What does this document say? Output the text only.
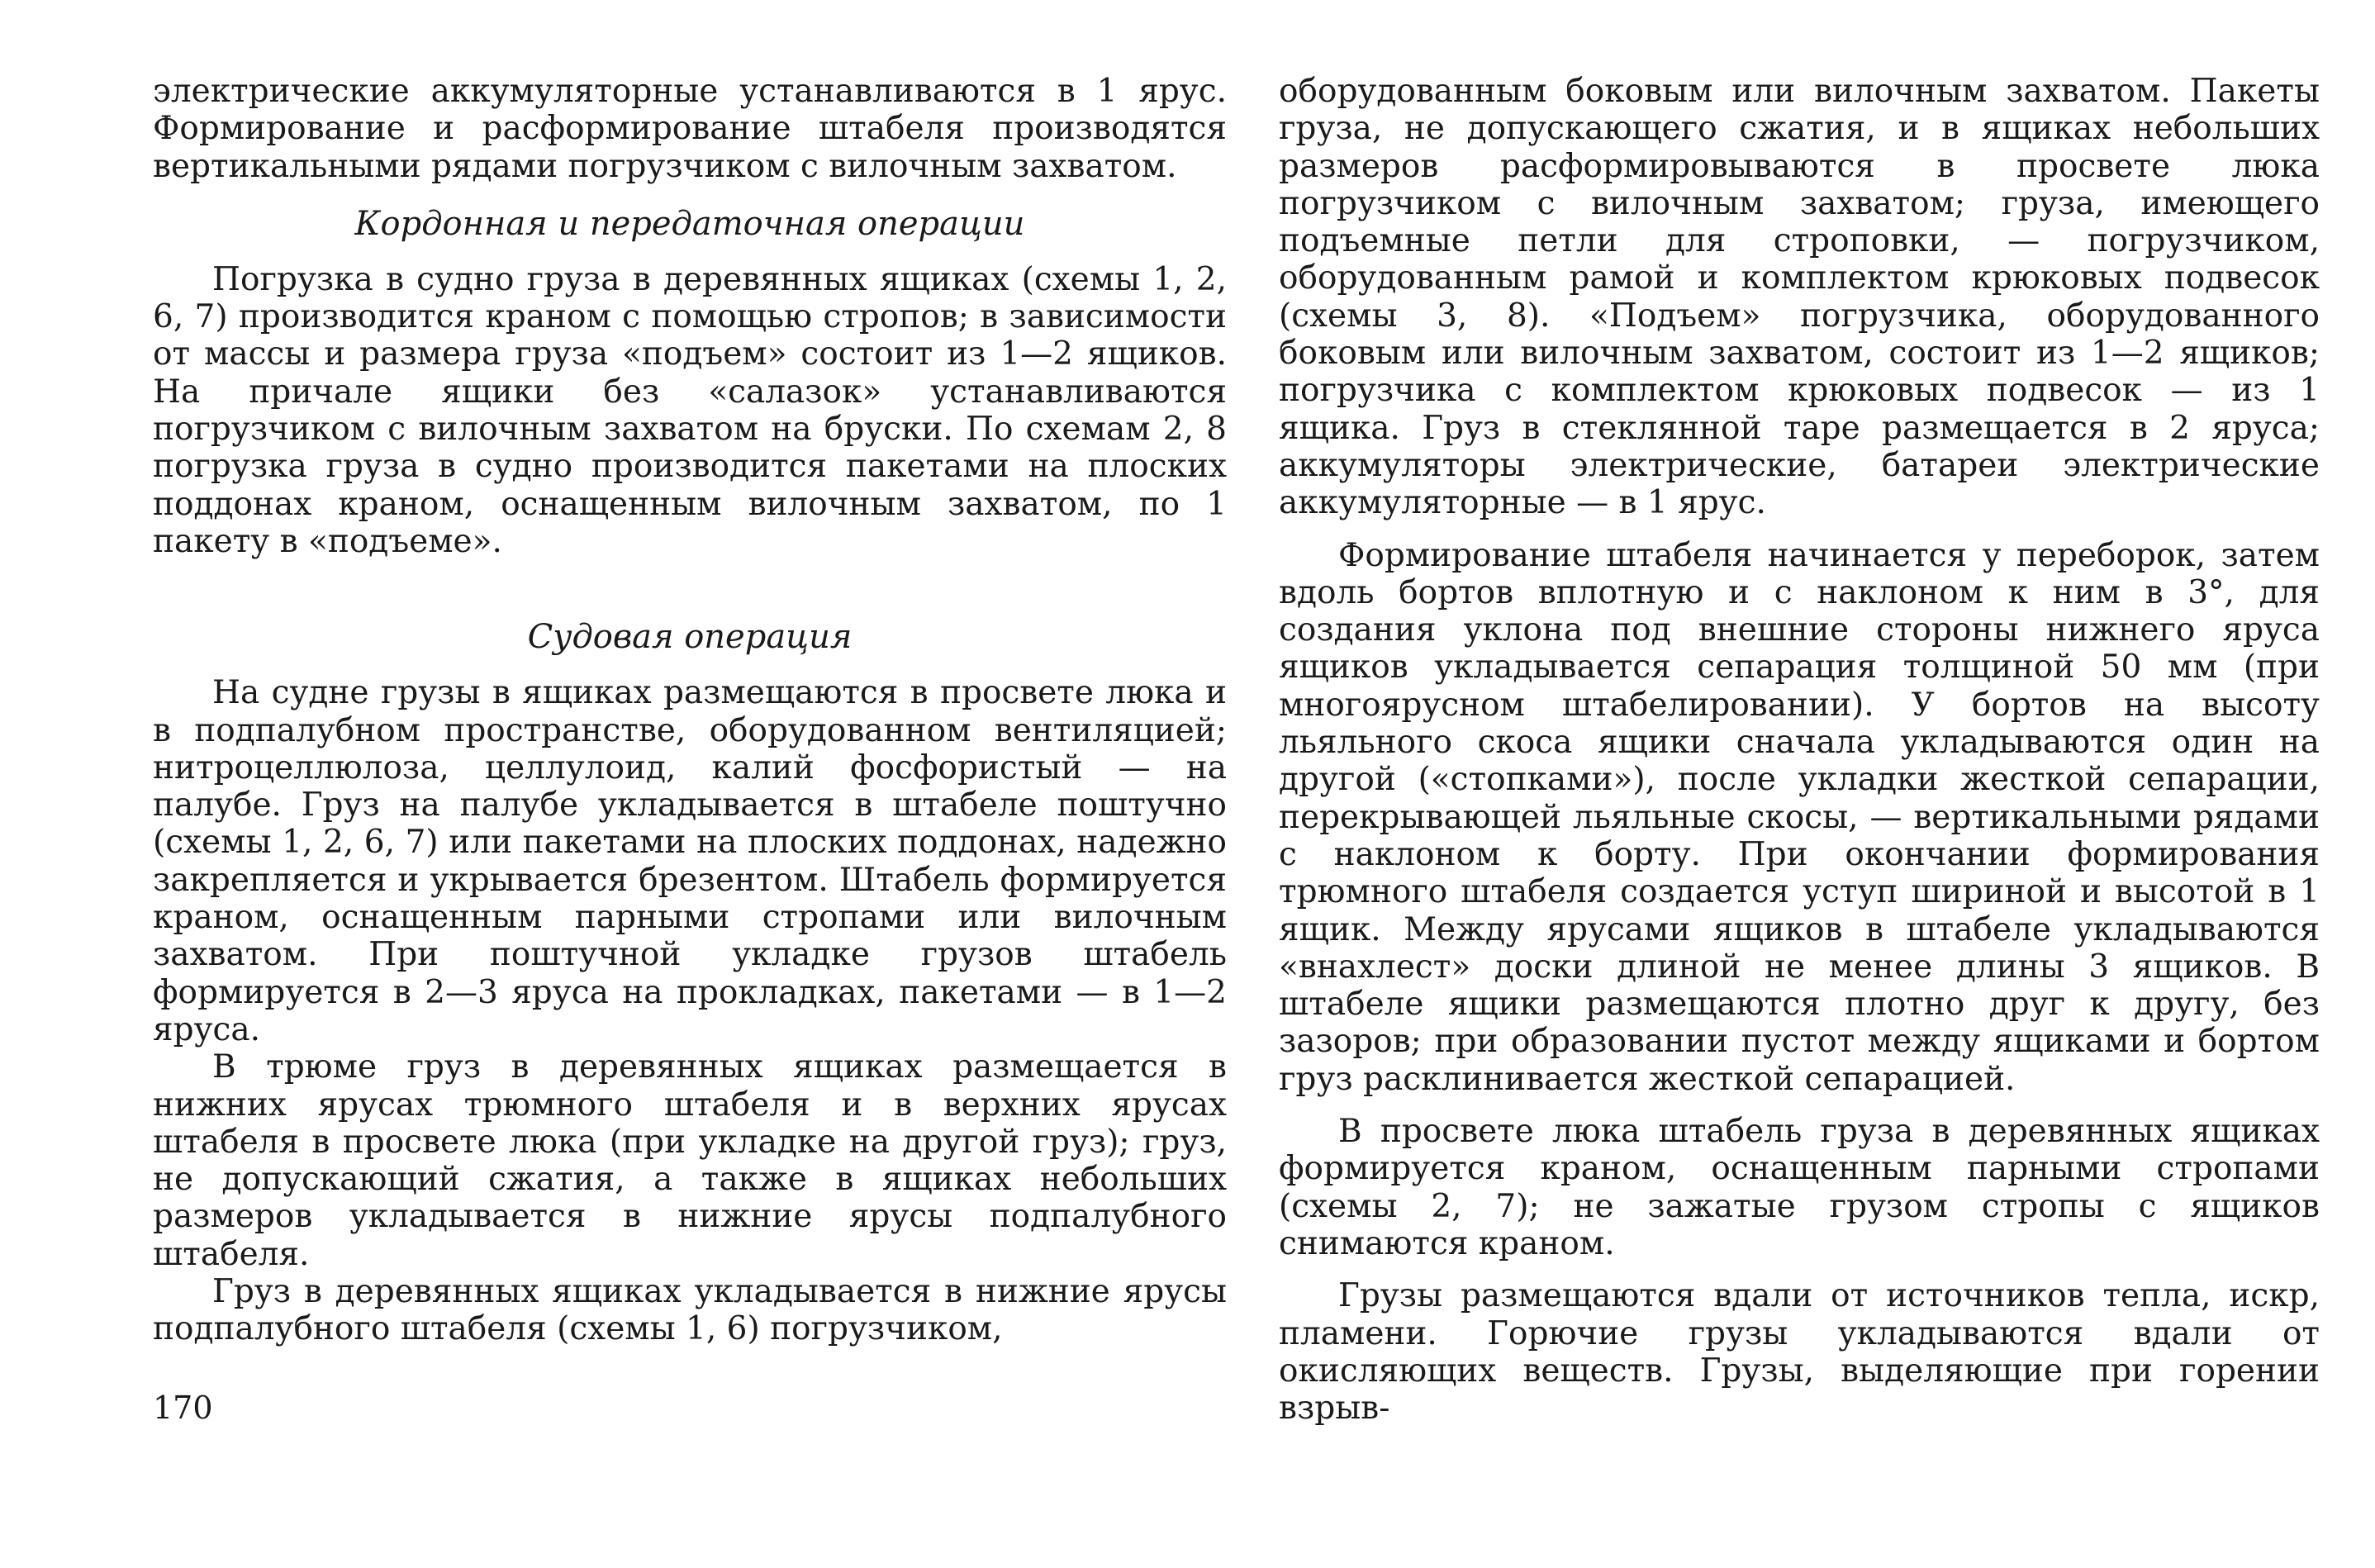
электрические аккумуляторные устанавливаются в 1 ярус. Формирование и расформирование штабеля производятся вертикальными рядами погрузчиком с вилочным захватом.

Кордонная и передаточная операции

Погрузка в судно груза в деревянных ящиках (схемы 1, 2, 6, 7) производится краном с помощью стропов; в зависимости от массы и размера груза «подъем» состоит из 1—2 ящиков. На причале ящики без «салазок» устанавливаются погрузчиком с вилочным захватом на бруски. По схемам 2, 8 погрузка груза в судно производится пакетами на плоских поддонах краном, оснащенным вилочным захватом, по 1 пакету в «подъеме».

Судовая операция

На судне грузы в ящиках размещаются в просвете люка и в подпалубном пространстве, оборудованном вентиляцией; нитроцеллюлоза, целлулоид, калий фосфористый — на палубе. Груз на палубе укладывается в штабеле поштучно (схемы 1, 2, 6, 7) или пакетами на плоских поддонах, надежно закрепляется и укрывается брезентом. Штабель формируется краном, оснащенным парными стропами или вилочным захватом. При поштучной укладке грузов штабель формируется в 2—3 яруса на прокладках, пакетами — в 1—2 яруса.

В трюме груз в деревянных ящиках размещается в нижних ярусах трюмного штабеля и в верхних ярусах штабеля в просвете люка (при укладке на другой груз); груз, не допускающий сжатия, а также в ящиках небольших размеров укладывается в нижние ярусы подпалубного штабеля.

Груз в деревянных ящиках укладывается в нижние ярусы подпалубного штабеля (схемы 1, 6) погрузчиком,

170

оборудованным боковым или вилочным захватом. Пакеты груза, не допускающего сжатия, и в ящиках небольших размеров расформировываются в просвете люка погрузчиком с вилочным захватом; груза, имеющего подъемные петли для строповки, — погрузчиком, оборудованным рамой и комплектом крюковых подвесок (схемы 3, 8). «Подъем» погрузчика, оборудованного боковым или вилочным захватом, состоит из 1—2 ящиков; погрузчика с комплектом крюковых подвесок — из 1 ящика. Груз в стеклянной таре размещается в 2 яруса; аккумуляторы электрические, батареи электрические аккумуляторные — в 1 ярус.

Формирование штабеля начинается у переборок, затем вдоль бортов вплотную и с наклоном к ним в 3°, для создания уклона под внешние стороны нижнего яруса ящиков укладывается сепарация толщиной 50 мм (при многоярусном штабелировании). У бортов на высоту льяльного скоса ящики сначала укладываются один на другой («стопками»), после укладки жесткой сепарации, перекрывающей льяльные скосы, — вертикальными рядами с наклоном к борту. При окончании формирования трюмного штабеля создается уступ шириной и высотой в 1 ящик. Между ярусами ящиков в штабеле укладываются «внахлест» доски длиной не менее длины 3 ящиков. В штабеле ящики размещаются плотно друг к другу, без зазоров; при образовании пустот между ящиками и бортом груз расклинивается жесткой сепарацией.

В просвете люка штабель груза в деревянных ящиках формируется краном, оснащенным парными стропами (схемы 2, 7); не зажатые грузом стропы с ящиков снимаются краном.

Грузы размещаются вдали от источников тепла, искр, пламени. Горючие грузы укладываются вдали от окисляющих веществ. Грузы, выделяющие при горении взрыв-
